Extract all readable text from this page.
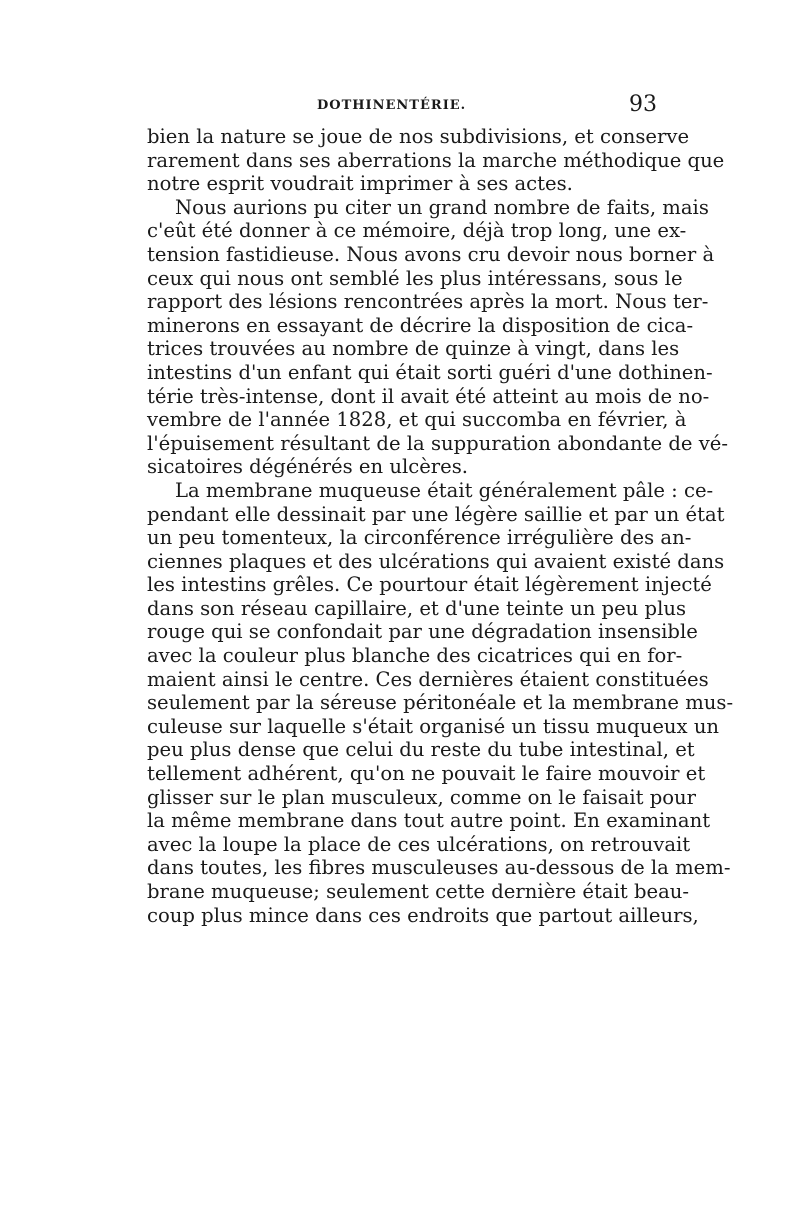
DOTHINENTÉRIE.	93
bien la nature se joue de nos subdivisions, et conserve
rarement dans ses aberrations la marche méthodique que
notre esprit voudrait imprimer à ses actes.
Nous aurions pu citer un grand nombre de faits, mais
c'eût été donner à ce mémoire, déjà trop long, une ex-
tension fastidieuse. Nous avons cru devoir nous borner à
ceux qui nous ont semblé les plus intéressans, sous le
rapport des lésions rencontrées après la mort. Nous ter-
minerons en essayant de décrire la disposition de cica-
trices trouvées au nombre de quinze à vingt, dans les
intestins d'un enfant qui était sorti guéri d'une dothinen-
térie très-intense, dont il avait été atteint au mois de no-
vembre de l'année 1828, et qui succomba en février, à
l'épuisement résultant de la suppuration abondante de vé-
sicatoires dégénérés en ulcères.
La membrane muqueuse était généralement pâle : ce-
pendant elle dessinait par une légère saillie et par un état
un peu tomenteux, la circonférence irrégulière des an-
ciennes plaques et des ulcérations qui avaient existé dans
les intestins grêles. Ce pourtour était légèrement injecté
dans son réseau capillaire, et d'une teinte un peu plus
rouge qui se confondait par une dégradation insensible
avec la couleur plus blanche des cicatrices qui en for-
maient ainsi le centre. Ces dernières étaient constituées
seulement par la séreuse péritonéale et la membrane mus-
culeuse sur laquelle s'était organisé un tissu muqueux un
peu plus dense que celui du reste du tube intestinal, et
tellement adhérent, qu'on ne pouvait le faire mouvoir et
glisser sur le plan musculeux, comme on le faisait pour
la même membrane dans tout autre point. En examinant
avec la loupe la place de ces ulcérations, on retrouvait
dans toutes, les fibres musculeuses au-dessous de la mem-
brane muqueuse; seulement cette dernière était beau-
coup plus mince dans ces endroits que partout ailleurs,
